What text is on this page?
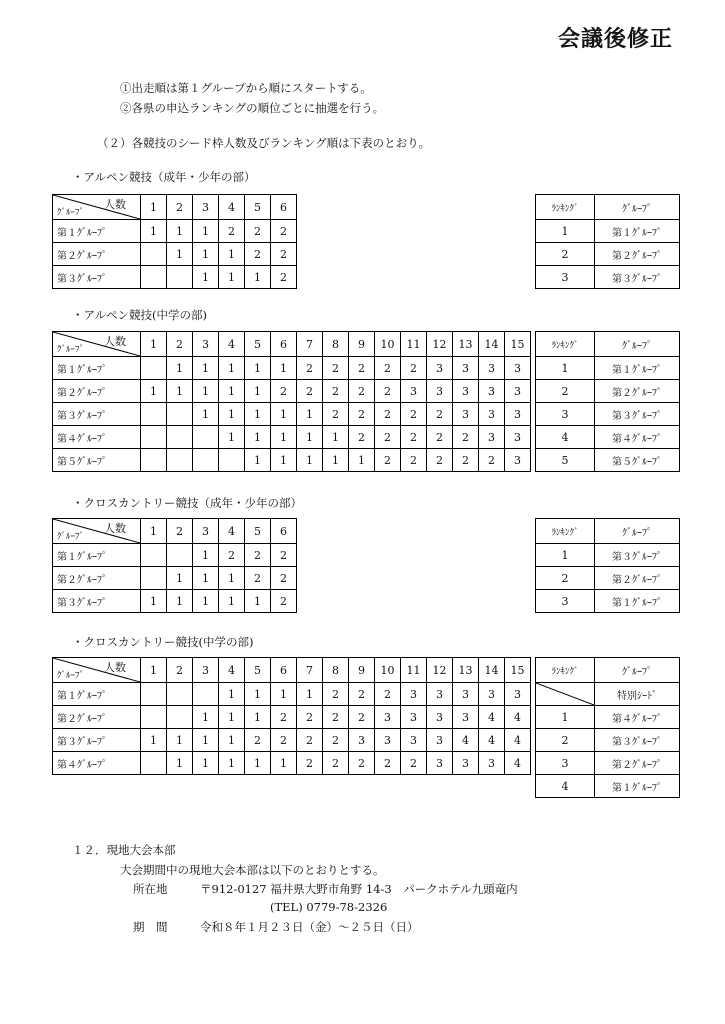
会議後修正
①出走順は第１グループから順にスタートする。
②各県の申込ランキングの順位ごとに抽選を行う。
（２）各競技のシード枠人数及びランキング順は下表のとおり。
・アルペン競技（成年・少年の部）
人数
ｸﾞﾙｰﾌﾟ	1	2	3	4	5	6
第１ｸﾞﾙｰﾌﾟ	1	1	1	2	2	2
第２ｸﾞﾙｰﾌﾟ		1	1	1	2	2
第３ｸﾞﾙｰﾌﾟ			1	1	1	2
ﾗﾝｷﾝｸﾞ	ｸﾞﾙｰﾌﾟ
1	第１ｸﾞﾙｰﾌﾟ
2	第２ｸﾞﾙｰﾌﾟ
3	第３ｸﾞﾙｰﾌﾟ
・アルペン競技(中学の部)
人数
ｸﾞﾙｰﾌﾟ	1	2	3	4	5	6	7	8	9	10	11	12	13	14	15
第１ｸﾞﾙｰﾌﾟ		1	1	1	1	1	2	2	2	2	2	3	3	3	3
第２ｸﾞﾙｰﾌﾟ	1	1	1	1	1	2	2	2	2	2	3	3	3	3	3
第３ｸﾞﾙｰﾌﾟ			1	1	1	1	1	2	2	2	2	2	3	3	3
第４ｸﾞﾙｰﾌﾟ				1	1	1	1	1	2	2	2	2	2	3	3
第５ｸﾞﾙｰﾌﾟ					1	1	1	1	1	2	2	2	2	2	3
ﾗﾝｷﾝｸﾞ	ｸﾞﾙｰﾌﾟ
1	第１ｸﾞﾙｰﾌﾟ
2	第２ｸﾞﾙｰﾌﾟ
3	第３ｸﾞﾙｰﾌﾟ
4	第４ｸﾞﾙｰﾌﾟ
5	第５ｸﾞﾙｰﾌﾟ
・クロスカントリー競技（成年・少年の部）
人数
ｸﾞﾙｰﾌﾟ	1	2	3	4	5	6
第１ｸﾞﾙｰﾌﾟ			1	2	2	2
第２ｸﾞﾙｰﾌﾟ		1	1	1	2	2
第３ｸﾞﾙｰﾌﾟ	1	1	1	1	1	2
ﾗﾝｷﾝｸﾞ	ｸﾞﾙｰﾌﾟ
1	第３ｸﾞﾙｰﾌﾟ
2	第２ｸﾞﾙｰﾌﾟ
3	第１ｸﾞﾙｰﾌﾟ
・クロスカントリー競技(中学の部)
人数
ｸﾞﾙｰﾌﾟ	1	2	3	4	5	6	7	8	9	10	11	12	13	14	15
第１ｸﾞﾙｰﾌﾟ				1	1	1	1	2	2	2	3	3	3	3	3
第２ｸﾞﾙｰﾌﾟ			1	1	1	2	2	2	2	3	3	3	3	4	4
第３ｸﾞﾙｰﾌﾟ	1	1	1	1	2	2	2	2	3	3	3	3	4	4	4
第４ｸﾞﾙｰﾌﾟ		1	1	1	1	1	2	2	2	2	2	3	3	3	4
ﾗﾝｷﾝｸﾞ	ｸﾞﾙｰﾌﾟ

	特別ｼｰﾄﾞ
1	第４ｸﾞﾙｰﾌﾟ
2	第３ｸﾞﾙｰﾌﾟ
3	第２ｸﾞﾙｰﾌﾟ
4	第１ｸﾞﾙｰﾌﾟ
１２．現地大会本部
大会期間中の現地大会本部は以下のとおりとする。
所在地	〒912-0127 福井県大野市角野 14-3　パークホテル九頭竜内
(TEL) 0779-78-2326
期　間	令和８年１月２３日（金）～２５日（日）
